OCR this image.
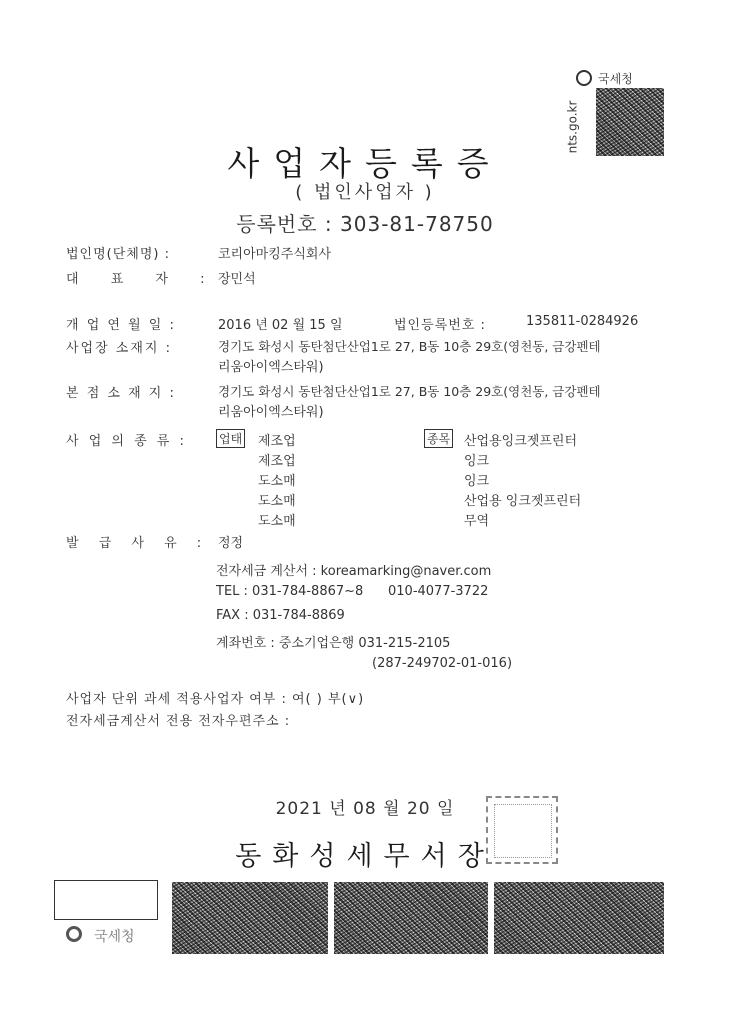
국세청
nts.go.kr
사업자등록증
( 법인사업자 )
등록번호 : 303-81-78750
법인명(단체명) :	코리아마킹주식회사
대 표 자 : 장민석
개 업 연 월 일 :	2016 년 02 월 15 일	법인등록번호 :	135811-0284926
사업장 소재지 :	경기도 화성시 동탄첨단산업1로 27, B동 10층 29호(영천동, 금강펜테
리움아이엑스타워)
본 점 소 재 지 :	경기도 화성시 동탄첨단산업1로 27, B동 10층 29호(영천동, 금강펜테
리움아이엑스타워)
사 업 의 종 류 :	업태	종목
제조업	산업용잉크젯프린터
제조업	잉크
도소매	잉크
도소매	산업용 잉크젯프린터
도소매	무역
발 급 사 유 : 정정
전자세금 계산서 : koreamarking@naver.com
TEL : 031-784-8867~8 010-4077-3722
FAX : 031-784-8869
계좌번호 : 중소기업은행 031-215-2105
(287-249702-01-016)
사업자 단위 과세 적용사업자 여부 : 여( ) 부(∨)
전자세금계산서 전용 전자우편주소 :
2021 년 08 월 20 일
동화성세무서장
국세청
